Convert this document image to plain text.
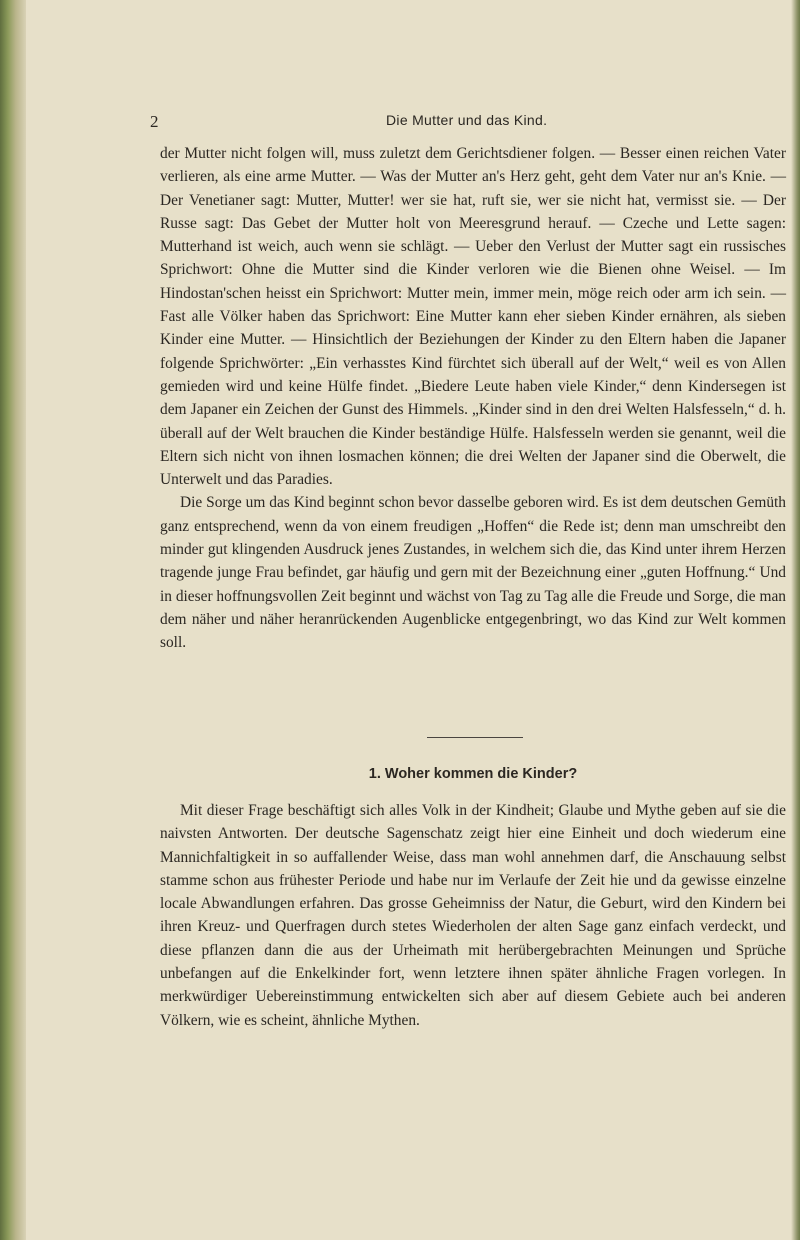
2	Die Mutter und das Kind.

der Mutter nicht folgen will, muss zuletzt dem Gerichtsdiener folgen. — Besser einen reichen Vater verlieren, als eine arme Mutter. — Was der Mutter an's Herz geht, geht dem Vater nur an's Knie. — Der Venetianer sagt: Mutter, Mutter! wer sie hat, ruft sie, wer sie nicht hat, vermisst sie. — Der Russe sagt: Das Gebet der Mutter holt von Meeresgrund herauf. — Czeche und Lette sagen: Mutterhand ist weich, auch wenn sie schlägt. — Ueber den Verlust der Mutter sagt ein russisches Sprichwort: Ohne die Mutter sind die Kinder verloren wie die Bienen ohne Weisel. — Im Hindostan'schen heisst ein Sprichwort: Mutter mein, immer mein, möge reich oder arm ich sein. — Fast alle Völker haben das Sprichwort: Eine Mutter kann eher sieben Kinder ernähren, als sieben Kinder eine Mutter. — Hinsichtlich der Beziehungen der Kinder zu den Eltern haben die Japaner folgende Sprichwörter: „Ein verhasstes Kind fürchtet sich überall auf der Welt,“ weil es von Allen gemieden wird und keine Hülfe findet. „Biedere Leute haben viele Kinder,“ denn Kindersegen ist dem Japaner ein Zeichen der Gunst des Himmels. „Kinder sind in den drei Welten Halsfesseln,“ d. h. überall auf der Welt brauchen die Kinder beständige Hülfe. Halsfesseln werden sie genannt, weil die Eltern sich nicht von ihnen losmachen können; die drei Welten der Japaner sind die Oberwelt, die Unterwelt und das Paradies.

Die Sorge um das Kind beginnt schon bevor dasselbe geboren wird. Es ist dem deutschen Gemüth ganz entsprechend, wenn da von einem freudigen „Hoffen“ die Rede ist; denn man umschreibt den minder gut klingenden Ausdruck jenes Zustandes, in welchem sich die, das Kind unter ihrem Herzen tragende junge Frau befindet, gar häufig und gern mit der Bezeichnung einer „guten Hoffnung.“ Und in dieser hoffnungsvollen Zeit beginnt und wächst von Tag zu Tag alle die Freude und Sorge, die man dem näher und näher heranrückenden Augenblicke entgegenbringt, wo das Kind zur Welt kommen soll.

1. Woher kommen die Kinder?

Mit dieser Frage beschäftigt sich alles Volk in der Kindheit; Glaube und Mythe geben auf sie die naivsten Antworten. Der deutsche Sagenschatz zeigt hier eine Einheit und doch wiederum eine Mannichfaltigkeit in so auffallender Weise, dass man wohl annehmen darf, die Anschauung selbst stamme schon aus frühester Periode und habe nur im Verlaufe der Zeit hie und da gewisse einzelne locale Abwandlungen erfahren. Das grosse Geheimniss der Natur, die Geburt, wird den Kindern bei ihren Kreuz- und Querfragen durch stetes Wiederholen der alten Sage ganz einfach verdeckt, und diese pflanzen dann die aus der Urheimath mit herübergebrachten Meinungen und Sprüche unbefangen auf die Enkelkinder fort, wenn letztere ihnen später ähnliche Fragen vorlegen. In merkwürdiger Uebereinstimmung entwickelten sich aber auf diesem Gebiete auch bei anderen Völkern, wie es scheint, ähnliche Mythen.
